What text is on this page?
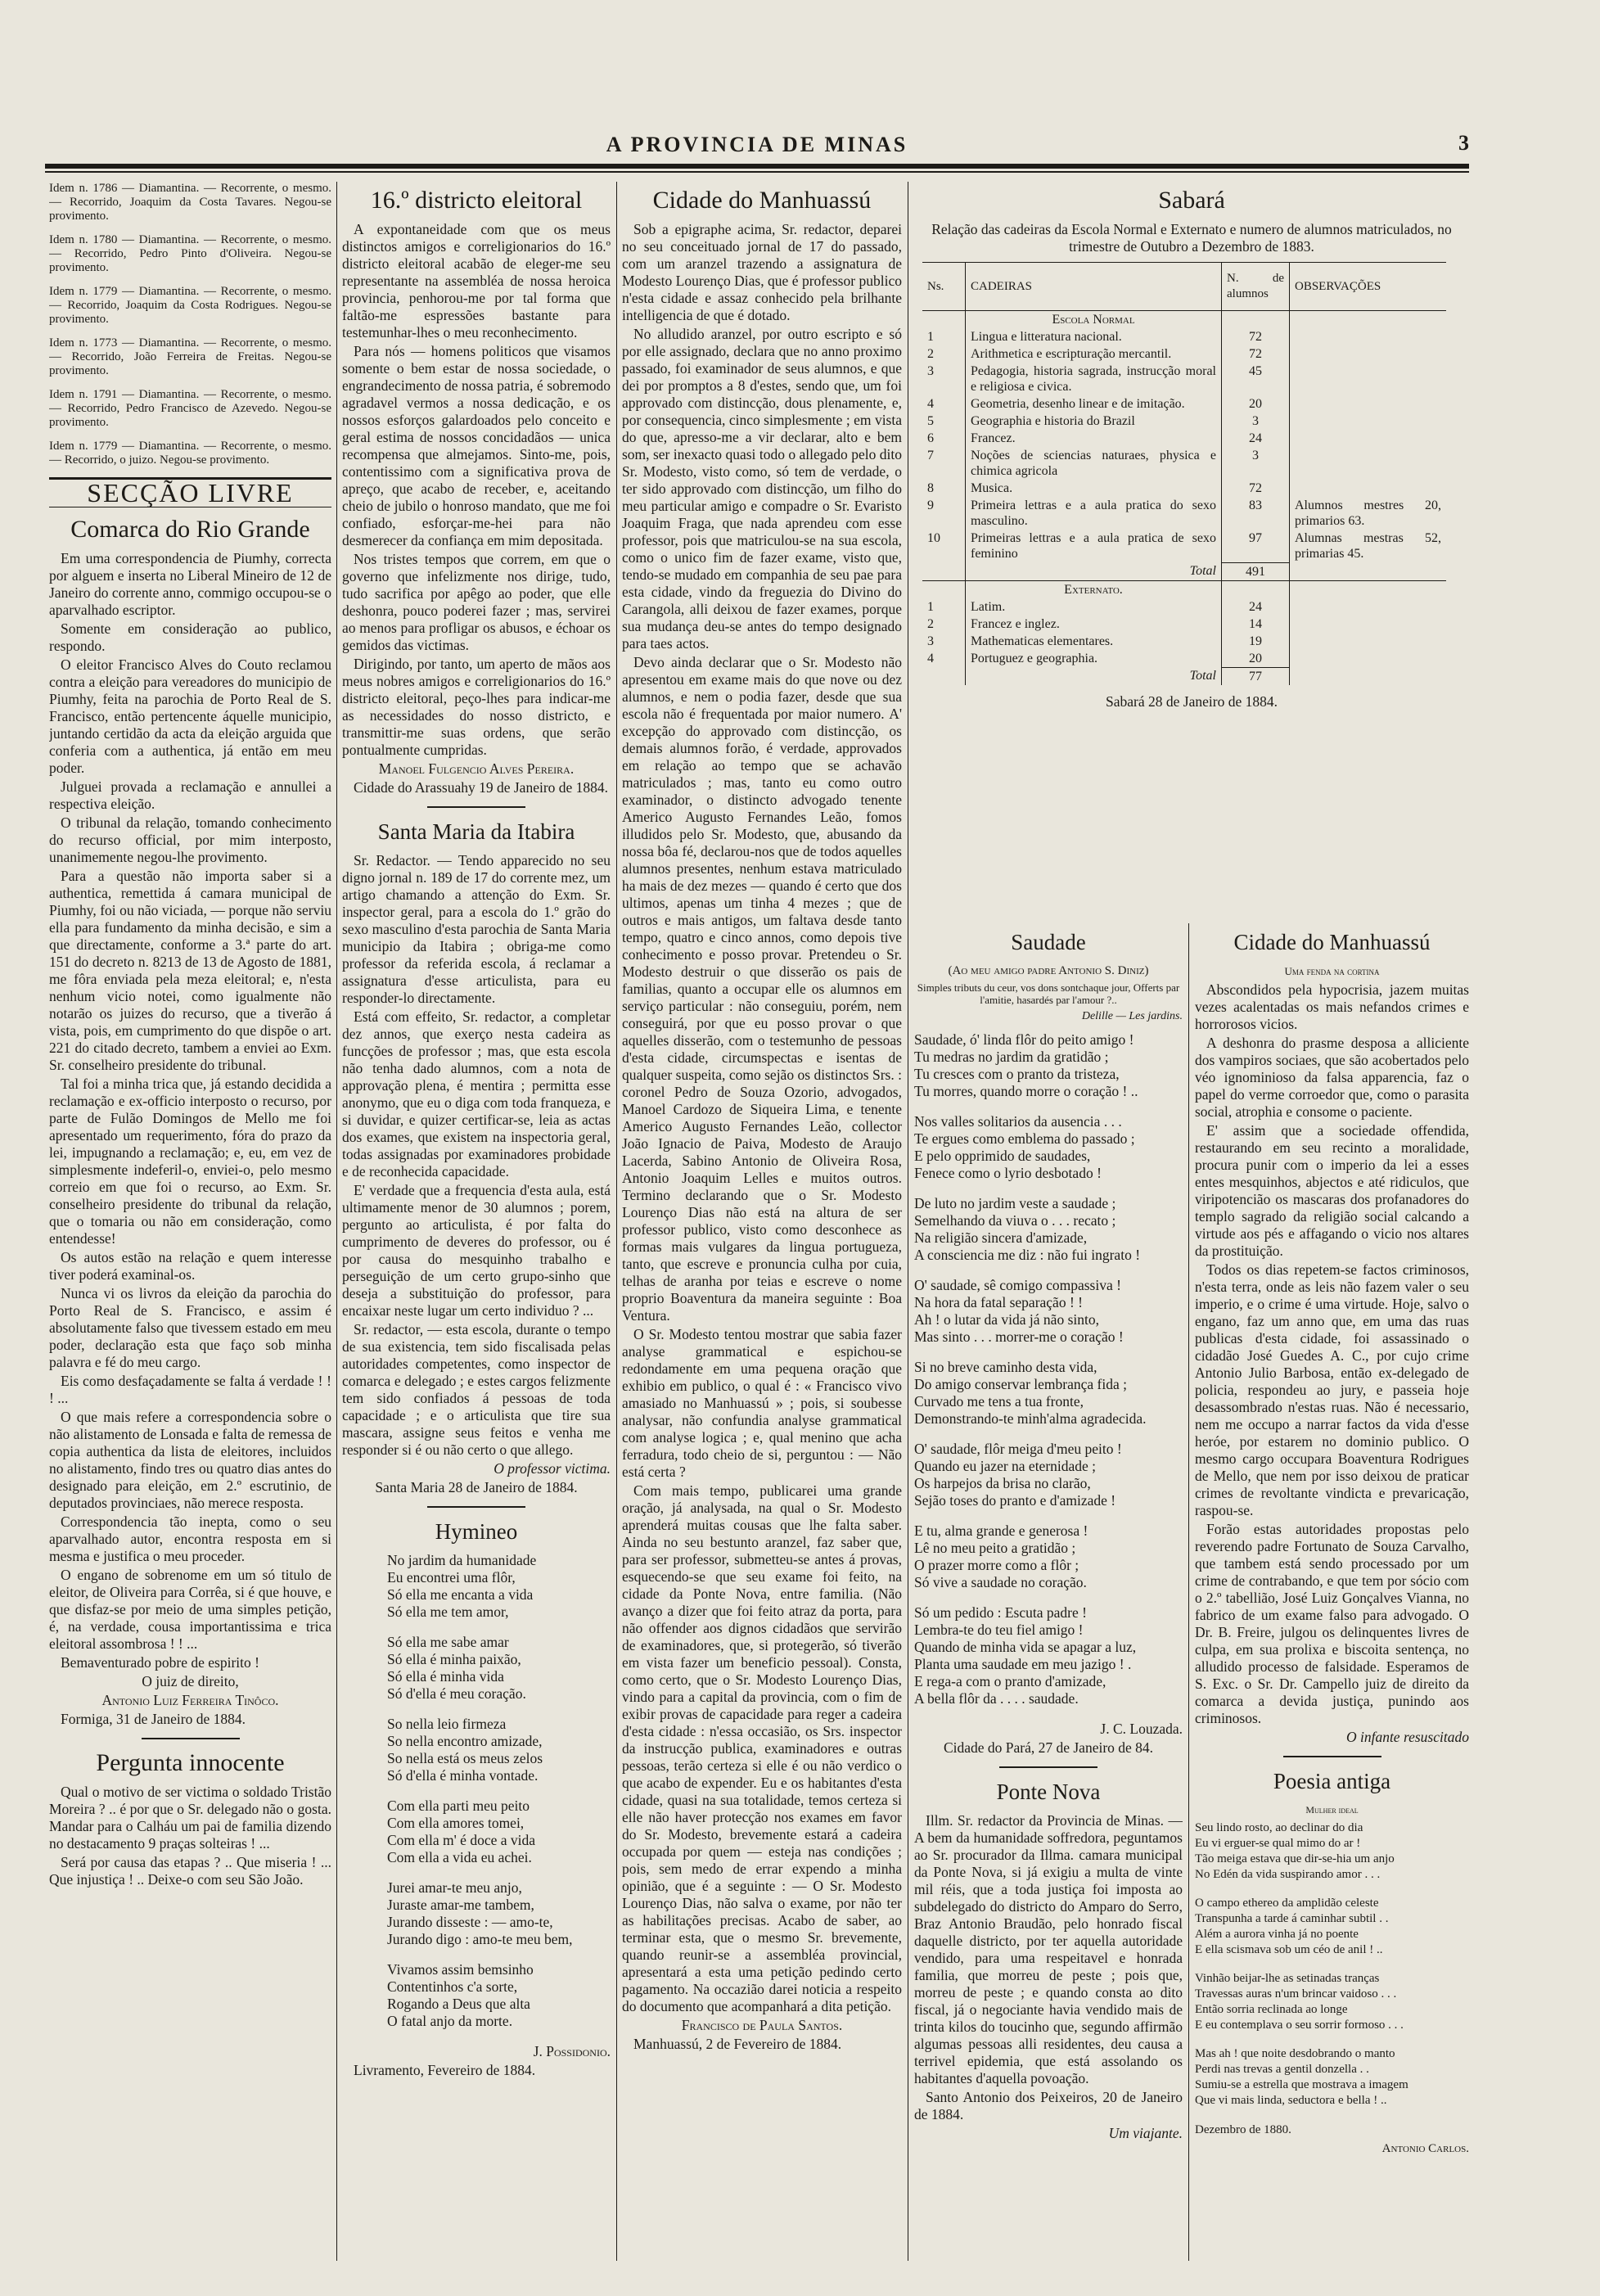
A PROVINCIA DE MINAS	3

Idem n. 1786 — Diamantina. — Recorrente, o mesmo. — Recorrido, Joaquim da Costa Tavares. Negou-se provimento.

Idem n. 1780 — Diamantina. — Recorrente, o mesmo. — Recorrido, Pedro Pinto d'Oliveira. Negou-se provimento.

Idem n. 1779 — Diamantina. — Recorrente, o mesmo. — Recorrido, Joaquim da Costa Rodrigues. Negou-se provimento.

Idem n. 1773 — Diamantina. — Recorrente, o mesmo. — Recorrido, João Ferreira de Freitas. Negou-se provimento.

Idem n. 1791 — Diamantina. — Recorrente, o mesmo. — Recorrido, Pedro Francisco de Azevedo. Negou-se provimento.

Idem n. 1779 — Diamantina. — Recorrente, o mesmo. — Recorrido, o juizo. Negou-se provimento.

SECÇÃO LIVRE
Comarca do Rio Grande

Em uma correspondencia de Piumhy, correcta por alguem e inserta no Liberal Mineiro de 12 de Janeiro do corrente anno, commigo occupou-se o aparvalhado escriptor.

Somente em consideração ao publico, respondo.

O eleitor Francisco Alves do Couto reclamou contra a eleição para vereadores do municipio de Piumhy, feita na parochia de Porto Real de S. Francisco, então pertencente áquelle municipio, juntando certidão da acta da eleição arguida que conferia com a authentica, já então em meu poder.

Julguei provada a reclamação e annullei a respectiva eleição.

O tribunal da relação, tomando conhecimento do recurso official, por mim interposto, unanimemente negou-lhe provimento.

Para a questão não importa saber si a authentica, remettida á camara municipal de Piumhy, foi ou não viciada, — porque não serviu ella para fundamento da minha decisão, e sim a que directamente, conforme a 3.ª parte do art. 151 do decreto n. 8213 de 13 de Agosto de 1881, me fôra enviada pela meza eleitoral; e, n'esta nenhum vicio notei, como igualmente não notarão os juizes do recurso, que a tiverão á vista, pois, em cumprimento do que dispõe o art. 221 do citado decreto, tambem a enviei ao Exm. Sr. conselheiro presidente do tribunal.

Tal foi a minha trica que, já estando decidida a reclamação e ex-officio interposto o recurso, por parte de Fulão Domingos de Mello me foi apresentado um requerimento, fóra do prazo da lei, impugnando a reclamação; e, eu, em vez de simplesmente indeferil-o, enviei-o, pelo mesmo correio em que foi o recurso, ao Exm. Sr. conselheiro presidente do tribunal da relação, que o tomaria ou não em consideração, como entendesse!

Os autos estão na relação e quem interesse tiver poderá examinal-os.

Nunca vi os livros da eleição da parochia do Porto Real de S. Francisco, e assim é absolutamente falso que tivessem estado em meu poder, declaração esta que faço sob minha palavra e fé do meu cargo.

Eis como desfaçadamente se falta á verdade ! ! ! ...

O que mais refere a correspondencia sobre o não alistamento de Lonsada e falta de remessa de copia authentica da lista de eleitores, incluidos no alistamento, findo tres ou quatro dias antes do designado para eleição, em 2.º escrutinio, de deputados provinciaes, não merece resposta.

Correspondencia tão inepta, como o seu aparvalhado autor, encontra resposta em si mesma e justifica o meu proceder.

O engano de sobrenome em um só titulo de eleitor, de Oliveira para Corrêa, si é que houve, e que disfaz-se por meio de uma simples petição, é, na verdade, cousa importantissima e trica eleitoral assombrosa ! ! ...

Bemaventurado pobre de espirito !

O juiz de direito,

Antonio Luiz Ferreira Tinôco.

Formiga, 31 de Janeiro de 1884.

Pergunta innocente

Qual o motivo de ser victima o soldado Tristão Moreira ? .. é por que o Sr. delegado não o gosta. Mandar para o Calháu um pai de familia dizendo no destacamento 9 praças solteiras ! ...

Será por causa das etapas ? .. Que miseria ! ... Que injustiça ! .. Deixe-o com seu São João.

16.º districto eleitoral

A expontaneidade com que os meus distinctos amigos e correligionarios do 16.º districto eleitoral acabão de eleger-me seu representante na assembléa de nossa heroica provincia, penhorou-me por tal forma que faltão-me espressões bastante para testemunhar-lhes o meu reconhecimento.

Para nós — homens politicos que visamos somente o bem estar de nossa sociedade, o engrandecimento de nossa patria, é sobremodo agradavel vermos a nossa dedicação, e os nossos esforços galardoados pelo conceito e geral estima de nossos concidadãos — unica recompensa que almejamos. Sinto-me, pois, contentissimo com a significativa prova de apreço, que acabo de receber, e, aceitando cheio de jubilo o honroso mandato, que me foi confiado, esforçar-me-hei para não desmerecer da confiança em mim depositada.

Nos tristes tempos que correm, em que o governo que infelizmente nos dirige, tudo, tudo sacrifica por apêgo ao poder, que elle deshonra, pouco poderei fazer ; mas, servirei ao menos para profligar os abusos, e échoar os gemidos das victimas.

Dirigindo, por tanto, um aperto de mãos aos meus nobres amigos e correligionarios do 16.º districto eleitoral, peço-lhes para indicar-me as necessidades do nosso districto, e transmittir-me suas ordens, que serão pontualmente cumpridas.

Manoel Fulgencio Alves Pereira.

Cidade do Arassuahy 19 de Janeiro de 1884.

Santa Maria da Itabira

Sr. Redactor. — Tendo apparecido no seu digno jornal n. 189 de 17 do corrente mez, um artigo chamando a attenção do Exm. Sr. inspector geral, para a escola do 1.º grão do sexo masculino d'esta parochia de Santa Maria municipio da Itabira ; obriga-me como professor da referida escola, á reclamar a assignatura d'esse articulista, para eu responder-lo directamente.

Está com effeito, Sr. redactor, a completar dez annos, que exerço nesta cadeira as funcções de professor ; mas, que esta escola não tenha dado alumnos, com a nota de approvação plena, é mentira ; permitta esse anonymo, que eu o diga com toda franqueza, e si duvidar, e quizer certificar-se, leia as actas dos exames, que existem na inspectoria geral, todas assignadas por examinadores probidade e de reconhecida capacidade.

E' verdade que a frequencia d'esta aula, está ultimamente menor de 30 alumnos ; porem, pergunto ao articulista, é por falta do cumprimento de deveres do professor, ou é por causa do mesquinho trabalho e perseguição de um certo grupo-sinho que deseja a substituição do professor, para encaixar neste lugar um certo individuo ? ...

Sr. redactor, — esta escola, durante o tempo de sua existencia, tem sido fiscalisada pelas autoridades competentes, como inspector de comarca e delegado ; e estes cargos felizmente tem sido confiados á pessoas de toda capacidade ; e o articulista que tire sua mascara, assigne seus feitos e venha me responder si é ou não certo o que allego.

O professor victima.

Santa Maria 28 de Janeiro de 1884.

Hymineo

No jardim da humanidade

Eu encontrei uma flôr,

Só ella me encanta a vida

Só ella me tem amor,

Só ella me sabe amar

Só ella é minha paixão,

Só ella é minha vida

Só d'ella é meu coração.

So nella leio firmeza

So nella encontro amizade,

So nella está os meus zelos

Só d'ella é minha vontade.

Com ella parti meu peito

Com ella amores tomei,

Com ella m' é doce a vida

Com ella a vida eu achei.

Jurei amar-te meu anjo,

Juraste amar-me tambem,

Jurando disseste : — amo-te,

Jurando digo : amo-te meu bem,

Vivamos assim bemsinho

Contentinhos c'a sorte,

Rogando a Deus que alta

O fatal anjo da morte.

J. Possidonio.

Livramento, Fevereiro de 1884.

Cidade do Manhuassú

Sob a epigraphe acima, Sr. redactor, deparei no seu conceituado jornal de 17 do passado, com um aranzel trazendo a assignatura de Modesto Lourenço Dias, que é professor publico n'esta cidade e assaz conhecido pela brilhante intelligencia de que é dotado.

No alludido aranzel, por outro escripto e só por elle assignado, declara que no anno proximo passado, foi examinador de seus alumnos, e que dei por promptos a 8 d'estes, sendo que, um foi approvado com distincção, dous plenamente, e, por consequencia, cinco simplesmente ; em vista do que, apresso-me a vir declarar, alto e bem som, ser inexacto quasi todo o allegado pelo dito Sr. Modesto, visto como, só tem de verdade, o ter sido approvado com distincção, um filho do meu particular amigo e compadre o Sr. Evaristo Joaquim Fraga, que nada aprendeu com esse professor, pois que matriculou-se na sua escola, como o unico fim de fazer exame, visto que, tendo-se mudado em companhia de seu pae para esta cidade, vindo da freguezia do Divino do Carangola, alli deixou de fazer exames, porque sua mudança deu-se antes do tempo designado para taes actos.

Devo ainda declarar que o Sr. Modesto não apresentou em exame mais do que nove ou dez alumnos, e nem o podia fazer, desde que sua escola não é frequentada por maior numero. A' excepção do approvado com distincção, os demais alumnos forão, é verdade, approvados em relação ao tempo que se achavão matriculados ; mas, tanto eu como outro examinador, o distincto advogado tenente Americo Augusto Fernandes Leão, fomos illudidos pelo Sr. Modesto, que, abusando da nossa bôa fé, declarou-nos que de todos aquelles alumnos presentes, nenhum estava matriculado ha mais de dez mezes — quando é certo que dos ultimos, apenas um tinha 4 mezes ; que de outros e mais antigos, um faltava desde tanto tempo, quatro e cinco annos, como depois tive conhecimento e posso provar. Pretendeu o Sr. Modesto destruir o que disserão os pais de familias, quanto a occupar elle os alumnos em serviço particular : não conseguiu, porém, nem conseguirá, por que eu posso provar o que aquelles disserão, com o testemunho de pessoas d'esta cidade, circumspectas e isentas de qualquer suspeita, como sejão os distinctos Srs. : coronel Pedro de Souza Ozorio, advogados, Manoel Cardozo de Siqueira Lima, e tenente Americo Augusto Fernandes Leão, collector João Ignacio de Paiva, Modesto de Araujo Lacerda, Sabino Antonio de Oliveira Rosa, Antonio Joaquim Lelles e muitos outros. Termino declarando que o Sr. Modesto Lourenço Dias não está na altura de ser professor publico, visto como desconhece as formas mais vulgares da lingua portugueza, tanto, que escreve e pronuncia culha por cuia, telhas de aranha por teias e escreve o nome proprio Boaventura da maneira seguinte : Boa Ventura.

O Sr. Modesto tentou mostrar que sabia fazer analyse grammatical e espichou-se redondamente em uma pequena oração que exhibio em publico, o qual é : « Francisco vivo amasiado no Manhuassú » ; pois, si soubesse analysar, não confundia analyse grammatical com analyse logica ; e, qual menino que acha ferradura, todo cheio de si, perguntou : — Não está certa ?

Com mais tempo, publicarei uma grande oração, já analysada, na qual o Sr. Modesto aprenderá muitas cousas que lhe falta saber. Ainda no seu bestunto aranzel, faz saber que, para ser professor, submetteu-se antes á provas, esquecendo-se que seu exame foi feito, na cidade da Ponte Nova, entre familia. (Não avanço a dizer que foi feito atraz da porta, para não offender aos dignos cidadãos que servirão de examinadores, que, si protegerão, só tiverão em vista fazer um beneficio pessoal). Consta, como certo, que o Sr. Modesto Lourenço Dias, vindo para a capital da provincia, com o fim de exibir provas de capacidade para reger a cadeira d'esta cidade : n'essa occasião, os Srs. inspector da instrucção publica, examinadores e outras pessoas, terão certeza si elle é ou não verdico o que acabo de expender. Eu e os habitantes d'esta cidade, quasi na sua totalidade, temos certeza si elle não haver protecção nos exames em favor do Sr. Modesto, brevemente estará a cadeira occupada por quem — esteja nas condições ; pois, sem medo de errar expendo a minha opinião, que é a seguinte : — O Sr. Modesto Lourenço Dias, não salva o exame, por não ter as habilitações precisas. Acabo de saber, ao terminar esta, que o mesmo Sr. brevemente, quando reunir-se a assembléa provincial, apresentará a esta uma petição pedindo certo pagamento. Na occazião darei noticia a respeito do documento que acompanhará a dita petição.

Francisco de Paula Santos.

Manhuassú, 2 de Fevereiro de 1884.

Sabará

Relação das cadeiras da Escola Normal e Externato e numero de alumnos matriculados, no trimestre de Outubro a Dezembro de 1883.

Ns.	CADEIRAS	N. de alumnos	OBSERVAÇÕES
	Escola Normal		
1	Lingua e litteratura nacional.	72	
2	Arithmetica e escripturação mercantil.	72	
3	Pedagogia, historia sagrada, instrucção moral e religiosa e civica.	45	
4	Geometria, desenho linear e de imitação.	20	
5	Geographia e historia do Brazil	3	
6	Francez.	24	
7	Noções de sciencias naturaes, physica e chimica agricola	3	
8	Musica.	72	
9	Primeira lettras e a aula pratica do sexo masculino.	83	Alumnos mestres 20, primarios 63.
10	Primeiras lettras e a aula pratica de sexo feminino	97	Alumnas mestras 52, primarias 45.
	Total	491	
	Externato.		
1	Latim.	24	
2	Francez e inglez.	14	
3	Mathematicas elementares.	19	
4	Portuguez e geographia.	20	
	Total	77	

Sabará 28 de Janeiro de 1884.

Saudade

(Ao meu amigo padre Antonio S. Diniz)

Simples tributs du ceur, vos dons sontchaque jour, Offerts par l'amitie, hasardés par l'amour ?..

Delille — Les jardins.

Saudade, ó' linda flôr do peito amigo !

Tu medras no jardim da gratidão ;

Tu cresces com o pranto da tristeza,

Tu morres, quando morre o coração ! ..

Nos valles solitarios da ausencia . . .

Te ergues como emblema do passado ;

E pelo opprimido de saudades,

Fenece como o lyrio desbotado !

De luto no jardim veste a saudade ;

Semelhando da viuva o . . . recato ;

Na religião sincera d'amizade,

A consciencia me diz : não fui ingrato !

O' saudade, sê comigo compassiva !

Na hora da fatal separação ! !

Ah ! o lutar da vida já não sinto,

Mas sinto . . . morrer-me o coração !

Si no breve caminho desta vida,

Do amigo conservar lembrança fida ;

Curvado me tens a tua fronte,

Demonstrando-te minh'alma agradecida.

O' saudade, flôr meiga d'meu peito !

Quando eu jazer na eternidade ;

Os harpejos da brisa no clarão,

Sejão toses do pranto e d'amizade !

E tu, alma grande e generosa !

Lê no meu peito a gratidão ;

O prazer morre como a flôr ;

Só vive a saudade no coração.

Só um pedido : Escuta padre !

Lembra-te do teu fiel amigo !

Quando de minha vida se apagar a luz,

Planta uma saudade em meu jazigo ! .

E rega-a com o pranto d'amizade,

A bella flôr da . . . . saudade.

J. C. Louzada.

Cidade do Pará, 27 de Janeiro de 84.

Ponte Nova

Illm. Sr. redactor da Provincia de Minas. — A bem da humanidade soffredora, peguntamos ao Sr. procurador da Illma. camara municipal da Ponte Nova, si já exigiu a multa de vinte mil réis, que a toda justiça foi imposta ao subdelegado do districto do Amparo do Serro, Braz Antonio Braudão, pelo honrado fiscal daquelle districto, por ter aquella autoridade vendido, para uma respeitavel e honrada familia, que morreu de peste ; pois que, morreu de peste ; e quando consta ao dito fiscal, já o negociante havia vendido mais de trinta kilos do toucinho que, segundo affirmão algumas pessoas alli residentes, deu causa a terrivel epidemia, que está assolando os habitantes d'aquella povoação.

Santo Antonio dos Peixeiros, 20 de Janeiro de 1884.

Um viajante.

Cidade do Manhuassú

Uma fenda na cortina

Abscondidos pela hypocrisia, jazem muitas vezes acalentadas os mais nefandos crimes e horrorosos vicios.

A deshonra do prasme desposa a alliciente dos vampiros sociaes, que são acobertados pelo véo ignominioso da falsa apparencia, faz o papel do verme corroedor que, como o parasita social, atrophia e consome o paciente.

E' assim que a sociedade offendida, restaurando em seu recinto a moralidade, procura punir com o imperio da lei a esses entes mesquinhos, abjectos e até ridiculos, que viripotencião os mascaras dos profanadores do templo sagrado da religião social calcando a virtude aos pés e affagando o vicio nos altares da prostituição.

Todos os dias repetem-se factos criminosos, n'esta terra, onde as leis não fazem valer o seu imperio, e o crime é uma virtude. Hoje, salvo o engano, faz um anno que, em uma das ruas publicas d'esta cidade, foi assassinado o cidadão José Guedes A. C., por cujo crime Antonio Julio Barbosa, então ex-delegado de policia, respondeu ao jury, e passeia hoje desassombrado n'estas ruas. Não é necessario, nem me occupo a narrar factos da vida d'esse heróe, por estarem no dominio publico. O mesmo cargo occupara Boaventura Rodrigues de Mello, que nem por isso deixou de praticar crimes de revoltante vindicta e prevaricação, raspou-se.

Forão estas autoridades propostas pelo reverendo padre Fortunato de Souza Carvalho, que tambem está sendo processado por um crime de contrabando, e que tem por sócio com o 2.º tabellião, José Luiz Gonçalves Vianna, no fabrico de um exame falso para advogado. O Dr. B. Freire, julgou os delinquentes livres de culpa, em sua prolixa e biscoita sentença, no alludido processo de falsidade. Esperamos de S. Exc. o Sr. Dr. Campello juiz de direito da comarca a devida justiça, punindo aos criminosos.

O infante resuscitado

Poesia antiga

Mulher ideal

Seu lindo rosto, ao declinar do dia

Eu vi erguer-se qual mimo do ar !

Tão meiga estava que dir-se-hia um anjo

No Edén da vida suspirando amor . . .

O campo ethereo da amplidão celeste

Transpunha a tarde á caminhar subtil . .

Além a aurora vinha já no poente

E ella scismava sob um céo de anil ! ..

Vinhão beijar-lhe as setinadas tranças

Travessas auras n'um brincar vaidoso . . .

Então sorria reclinada ao longe

E eu contemplava o seu sorrir formoso . . .

Mas ah ! que noite desdobrando o manto

Perdi nas trevas a gentil donzella . .

Sumiu-se a estrella que mostrava a imagem

Que vi mais linda, seductora e bella ! ..

Dezembro de 1880.

Antonio Carlos.
